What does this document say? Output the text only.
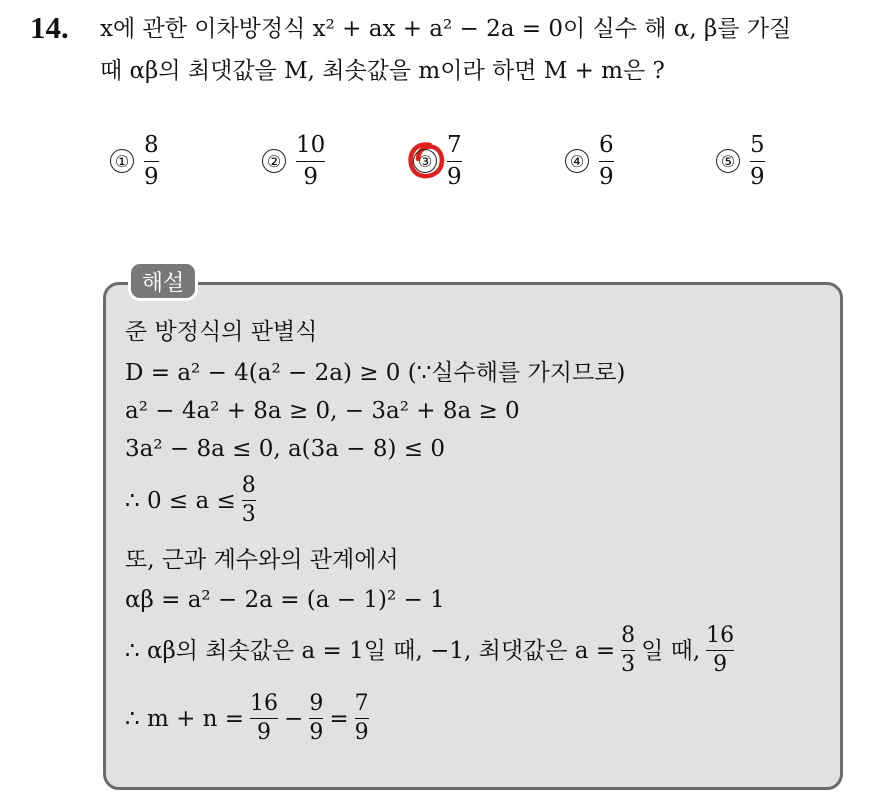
14. x에 관한 이차방정식 x² + ax + a² − 2a = 0이 실수 해 α, β를 가질
때 αβ의 최댓값을 M, 최솟값을 m이라 하면 M + m은 ?
① $\frac{8}{9}$	② $\frac{10}{9}$	③ $\frac{7}{9}$	④ $\frac{6}{9}$	⑤ $\frac{5}{9}$
해설
준 방정식의 판별식
D = a² − 4(a² − 2a) ≥ 0 (∵실수해를 가지므로)
a² − 4a² + 8a ≥ 0, − 3a² + 8a ≥ 0
3a² − 8a ≤ 0, a(3a − 8) ≤ 0
∴ $0 \le a \le \frac{8}{3}$
또, 근과 계수와의 관계에서
αβ = a² − 2a = (a − 1)² − 1
∴ αβ의 최솟값은 a = 1일 때, −1, 최댓값은 $a = \frac{8}{3}$ 일 때, $\frac{16}{9}$
∴ $m + n = \frac{16}{9} - \frac{9}{9} = \frac{7}{9}$
